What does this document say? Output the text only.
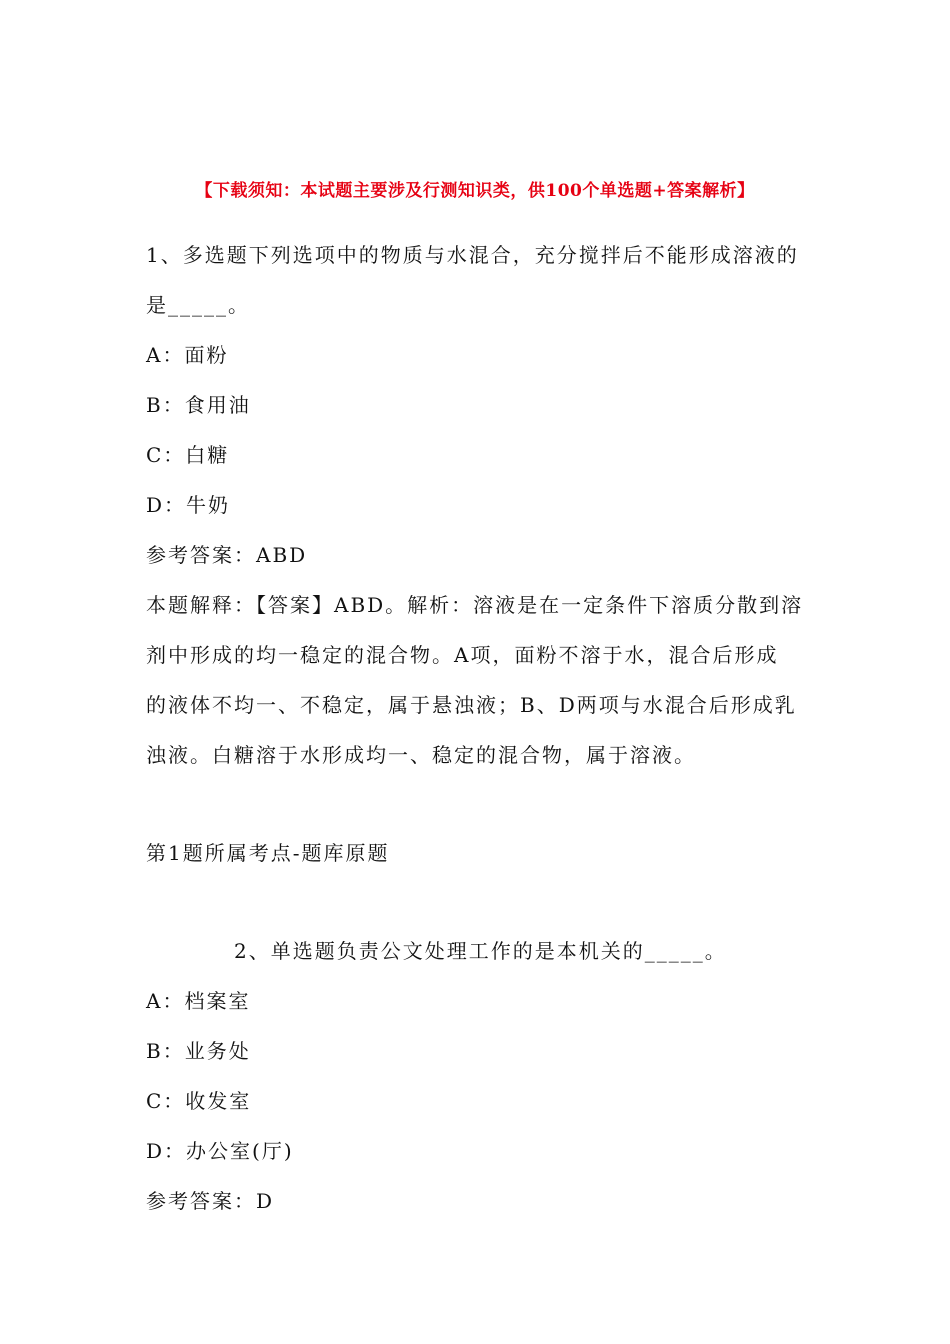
【下载须知：本试题主要涉及行测知识类，供100个单选题+答案解析】
1、多选题下列选项中的物质与水混合，充分搅拌后不能形成溶液的
是_____。
A：面粉
B：食用油
C：白糖
D：牛奶
参考答案：ABD
本题解释：【答案】ABD。解析：溶液是在一定条件下溶质分散到溶
剂中形成的均一稳定的混合物。A项，面粉不溶于水，混合后形成
的液体不均一、不稳定，属于悬浊液；B、D两项与水混合后形成乳
浊液。白糖溶于水形成均一、稳定的混合物，属于溶液。
第1题所属考点-题库原题
2、单选题负责公文处理工作的是本机关的_____。
A：档案室
B：业务处
C：收发室
D：办公室(厅)
参考答案：D
